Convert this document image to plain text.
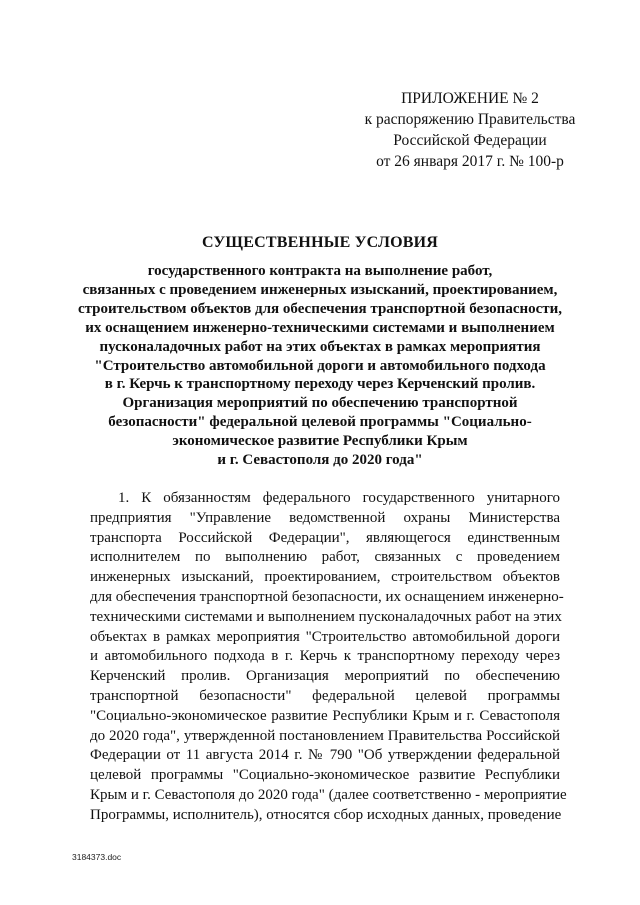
ПРИЛОЖЕНИЕ № 2
к распоряжению Правительства
Российской Федерации
от 26 января 2017 г. № 100-р
СУЩЕСТВЕННЫЕ УСЛОВИЯ
государственного контракта на выполнение работ,
связанных с проведением инженерных изысканий, проектированием,
строительством объектов для обеспечения транспортной безопасности,
их оснащением инженерно-техническими системами и выполнением
пусконаладочных работ на этих объектах в рамках мероприятия
"Строительство автомобильной дороги и автомобильного подхода
в г. Керчь к транспортному переходу через Керченский пролив.
Организация мероприятий по обеспечению транспортной
безопасности" федеральной целевой программы "Социально-
экономическое развитие Республики Крым
и г. Севастополя до 2020 года"
1. К обязанностям федерального государственного унитарного
предприятия "Управление ведомственной охраны Министерства
транспорта Российской Федерации", являющегося единственным
исполнителем по выполнению работ, связанных с проведением
инженерных изысканий, проектированием, строительством объектов
для обеспечения транспортной безопасности, их оснащением инженерно-
техническими системами и выполнением пусконаладочных работ на этих
объектах в рамках мероприятия "Строительство автомобильной дороги
и автомобильного подхода в г. Керчь к транспортному переходу через
Керченский пролив. Организация мероприятий по обеспечению
транспортной безопасности" федеральной целевой программы
"Социально-экономическое развитие Республики Крым и г. Севастополя
до 2020 года", утвержденной постановлением Правительства Российской
Федерации от 11 августа 2014 г. № 790 "Об утверждении федеральной
целевой программы "Социально-экономическое развитие Республики
Крым и г. Севастополя до 2020 года" (далее соответственно - мероприятие
Программы, исполнитель), относятся сбор исходных данных, проведение
3184373.doc
